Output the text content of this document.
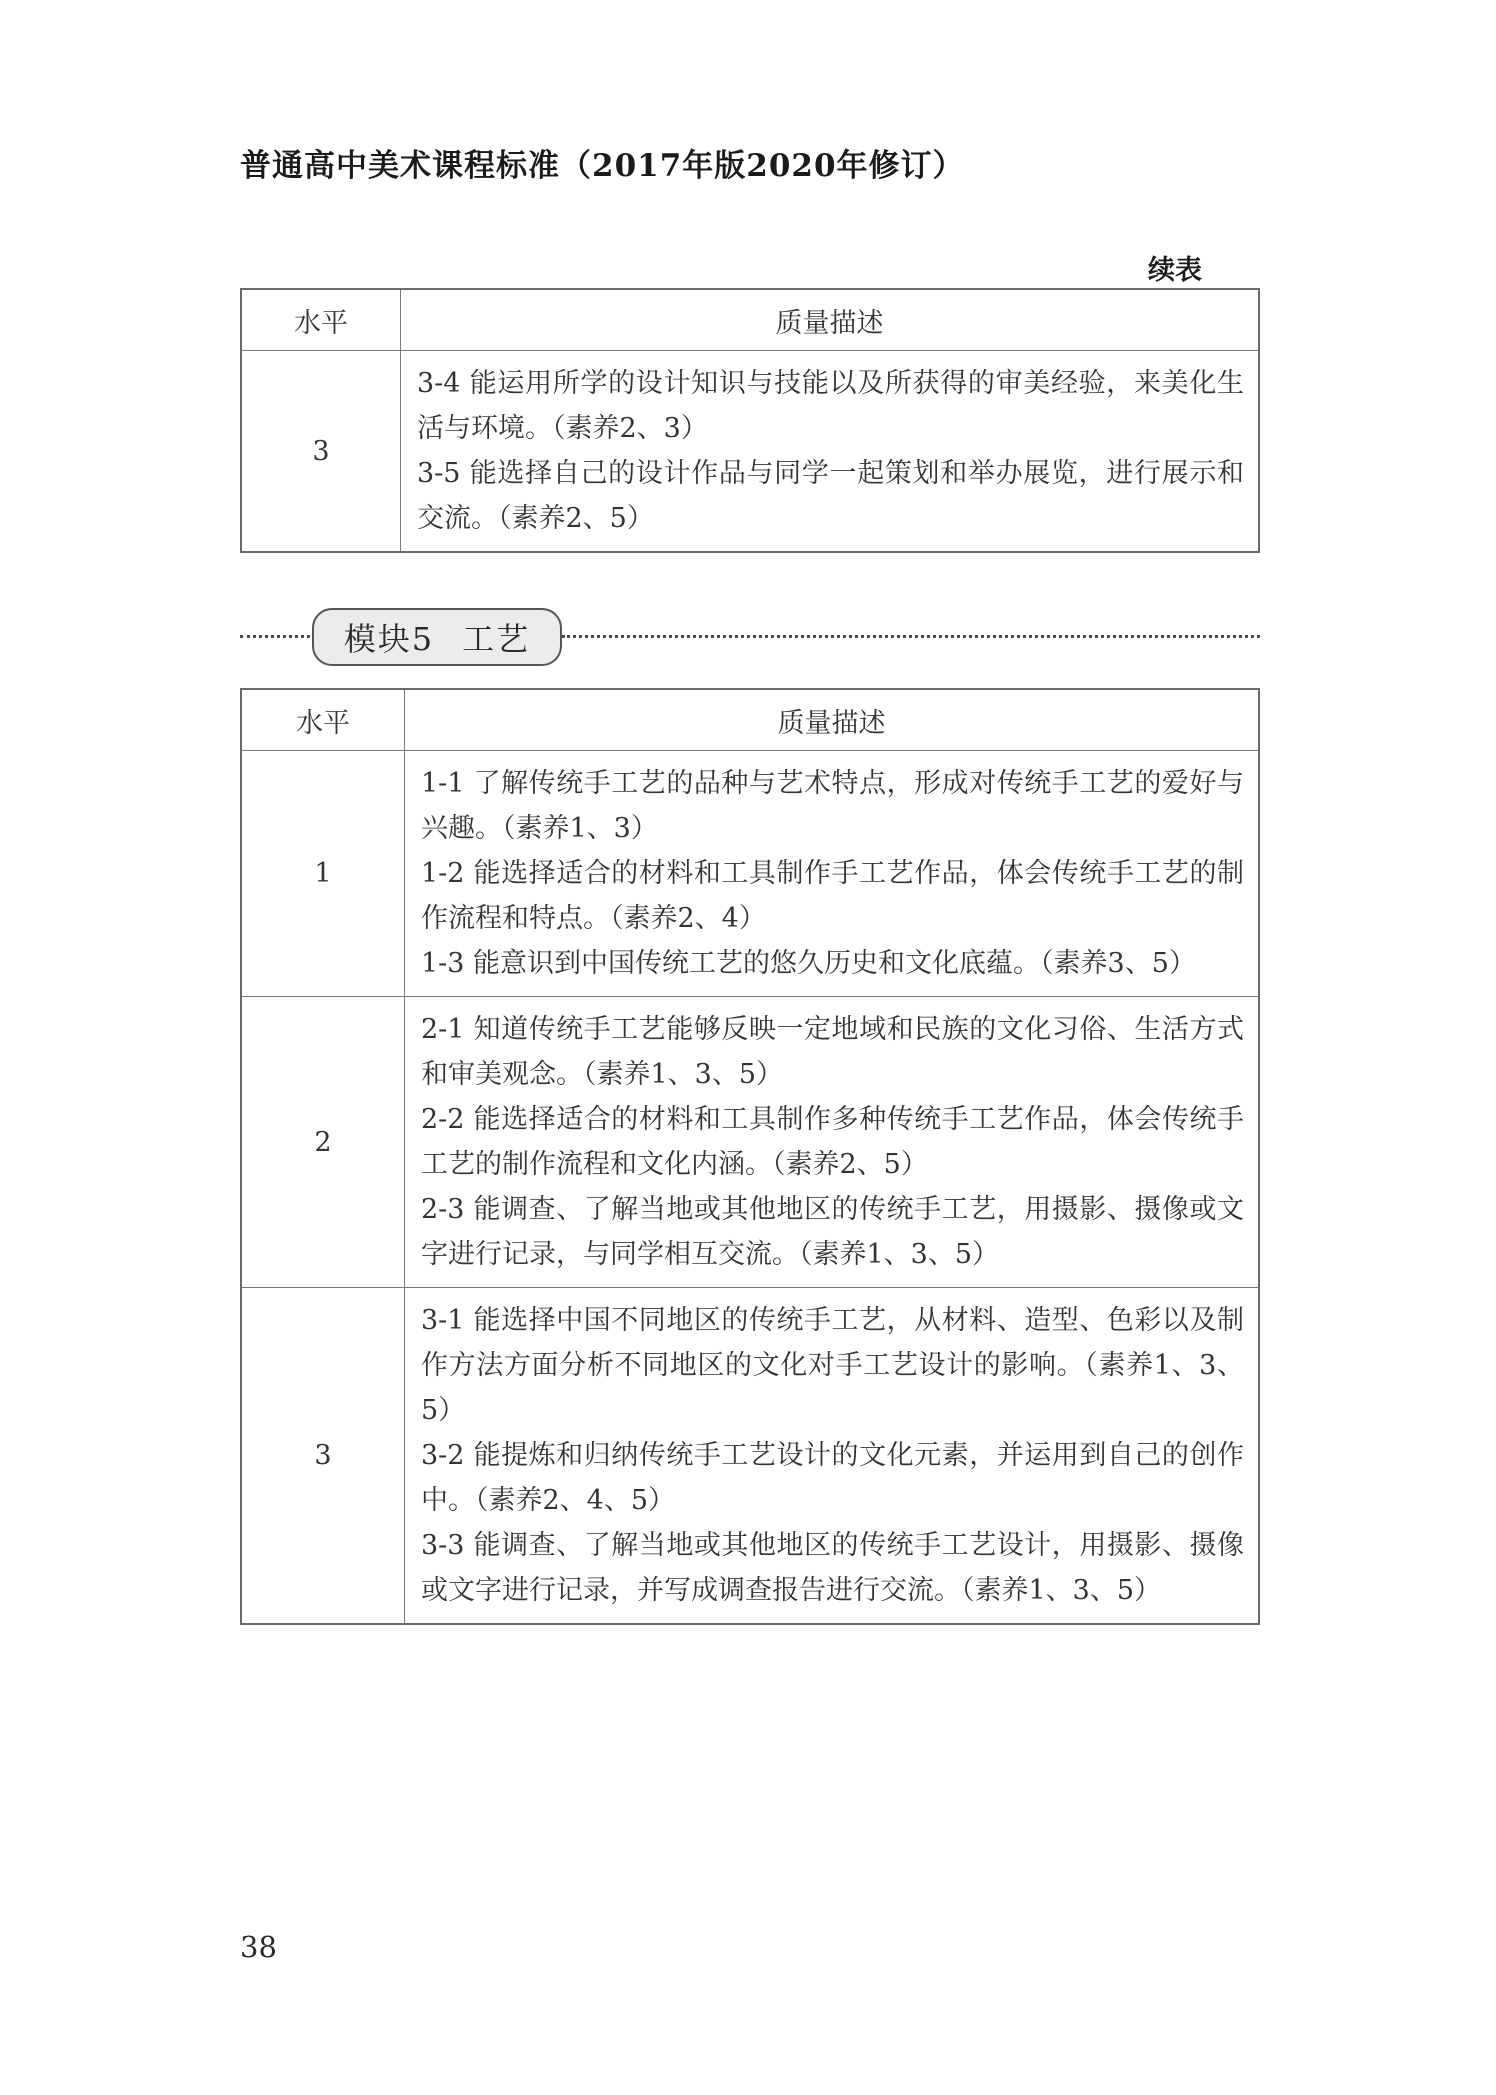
普通高中美术课程标准（2017年版2020年修订）
续表
水平	质量描述
3	3-4 能运用所学的设计知识与技能以及所获得的审美经验，来美化生活与环境。（素养2、3）
3-5 能选择自己的设计作品与同学一起策划和举办展览，进行展示和交流。（素养2、5）
模块5 工艺
水平	质量描述
1	1-1 了解传统手工艺的品种与艺术特点，形成对传统手工艺的爱好与兴趣。（素养1、3）
1-2 能选择适合的材料和工具制作手工艺作品，体会传统手工艺的制作流程和特点。（素养2、4）
1-3 能意识到中国传统工艺的悠久历史和文化底蕴。（素养3、5）

2	2-1 知道传统手工艺能够反映一定地域和民族的文化习俗、生活方式和审美观念。（素养1、3、5）
2-2 能选择适合的材料和工具制作多种传统手工艺作品，体会传统手工艺的制作流程和文化内涵。（素养2、5）
2-3 能调查、了解当地或其他地区的传统手工艺，用摄影、摄像或文字进行记录，与同学相互交流。（素养1、3、5）

3	3-1 能选择中国不同地区的传统手工艺，从材料、造型、色彩以及制作方法方面分析不同地区的文化对手工艺设计的影响。（素养1、3、5）
3-2 能提炼和归纳传统手工艺设计的文化元素，并运用到自己的创作中。（素养2、4、5）
3-3 能调查、了解当地或其他地区的传统手工艺设计，用摄影、摄像或文字进行记录，并写成调查报告进行交流。（素养1、3、5）
38
